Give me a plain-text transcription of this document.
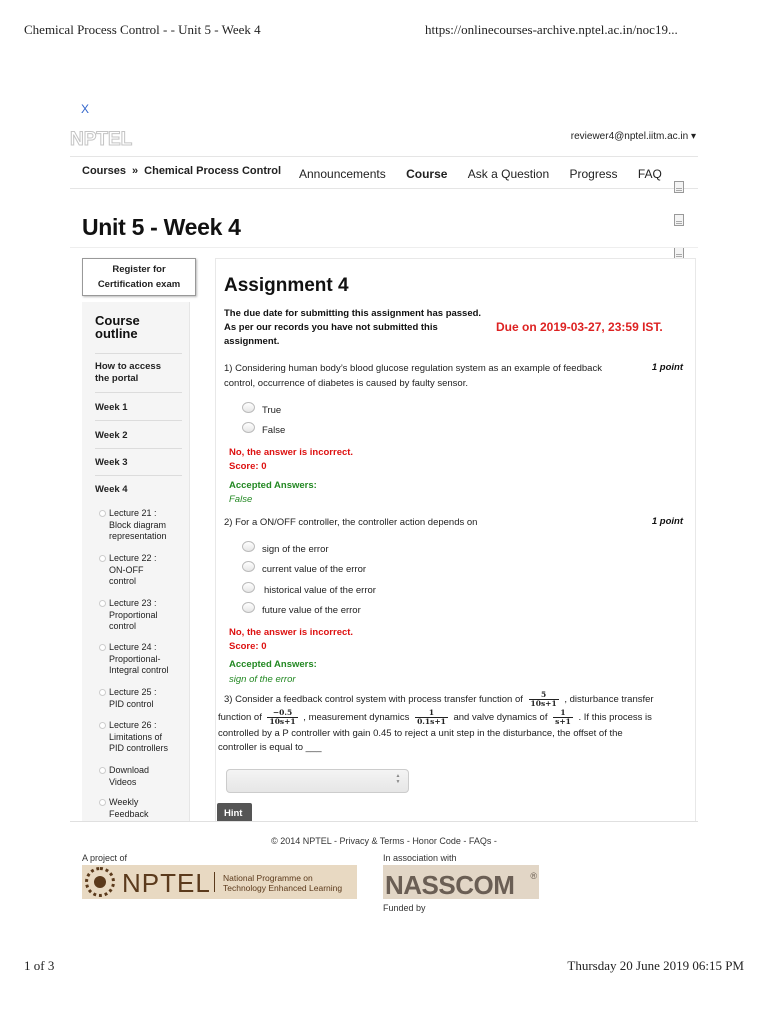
Chemical Process Control - - Unit 5 - Week 4	https://onlinecourses-archive.nptel.ac.in/noc19...
X
NPTEL	reviewer4@nptel.iitm.ac.in ▾
Courses » Chemical Process Control Announcements Course Ask a Question Progress FAQ
Unit 5 - Week 4
Register for
Certification exam
Course
outline
How to access
the portal
Week 1
Week 2
Week 3
Week 4
Lecture 21 :
Block diagram
representation
Lecture 22 :
ON-OFF
control
Lecture 23 :
Proportional
control
Lecture 24 :
Proportional-
Integral control
Lecture 25 :
PID control
Lecture 26 :
Limitations of
PID controllers
Download
Videos
Weekly
Feedback
Assignment 4
The due date for submitting this assignment has passed.
As per our records you have not submitted this
assignment.
Due on 2019-03-27, 23:59 IST.
1) Considering human body’s blood glucose regulation system as an example of feedback
control, occurrence of diabetes is caused by faulty sensor.
1 point
True
False
No, the answer is incorrect.
Score: 0
Accepted Answers:
False
2) For a ON/OFF controller, the controller action depends on	1 point
sign of the error
current value of the error
historical value of the error
future value of the error
No, the answer is incorrect.
Score: 0
Accepted Answers:
sign of the error
3) Consider a feedback control system with process transfer function of $\frac{5}{10s+1}$ , disturbance transfer
function of $\frac{-0.5}{10s+1}$ , measurement dynamics $\frac{1}{0.1s+1}$ and valve dynamics of $\frac{1}{s+1}$ . If this process is
controlled by a P controller with gain 0.45 to reject a unit step in the disturbance, the offset of the
controller is equal to ___
▲
▼
Hint
© 2014 NPTEL - Privacy & Terms - Honor Code - FAQs -
A project of	In association with
NPTEL National Programme on
Technology Enhanced Learning NASSCOM ®
Funded by
1 of 3	Thursday 20 June 2019 06:15 PM
